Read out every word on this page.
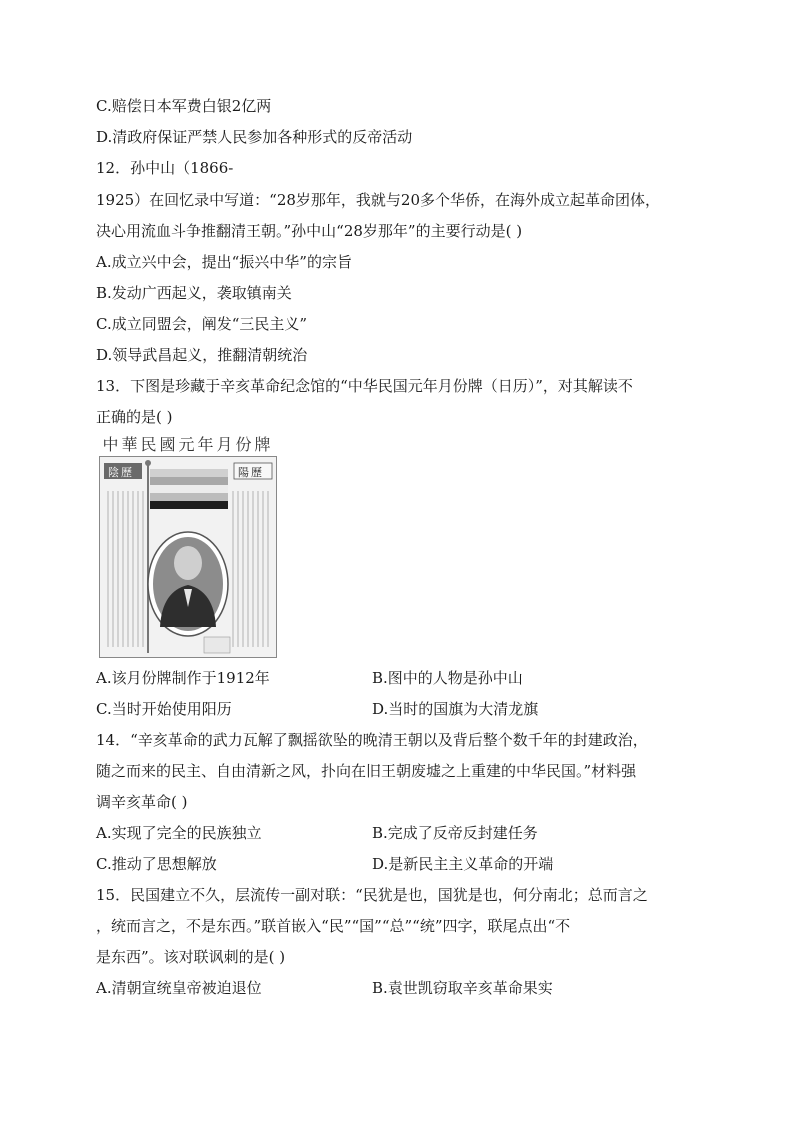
C.赔偿日本军费白银2亿两
D.清政府保证严禁人民参加各种形式的反帝活动
12．孙中山（1866-
1925）在回忆录中写道：“28岁那年，我就与20多个华侨，在海外成立起革命团体，
决心用流血斗争推翻清王朝。”孙中山“28岁那年”的主要行动是( )
A.成立兴中会，提出“振兴中华”的宗旨
B.发动广西起义，袭取镇南关
C.成立同盟会，阐发“三民主义”
D.领导武昌起义，推翻清朝统治
13．下图是珍藏于辛亥革命纪念馆的“中华民国元年月份牌（日历）”，对其解读不
正确的是( )
中華民國元年月份牌
陰歷	陽歷
A.该月份牌制作于1912年	B.图中的人物是孙中山
C.当时开始使用阳历	D.当时的国旗为大清龙旗
14．“辛亥革命的武力瓦解了飘摇欲坠的晚清王朝以及背后整个数千年的封建政治，
随之而来的民主、自由清新之风，扑向在旧王朝废墟之上重建的中华民国。”材料强
调辛亥革命( )
A.实现了完全的民族独立	B.完成了反帝反封建任务
C.推动了思想解放	D.是新民主主义革命的开端
15．民国建立不久，层流传一副对联：“民犹是也，国犹是也，何分南北；总而言之
，统而言之，不是东西。”联首嵌入“民”“国”“总”“统”四字，联尾点出“不
是东西”。该对联讽刺的是( )
A.清朝宣统皇帝被迫退位	B.袁世凯窃取辛亥革命果实
